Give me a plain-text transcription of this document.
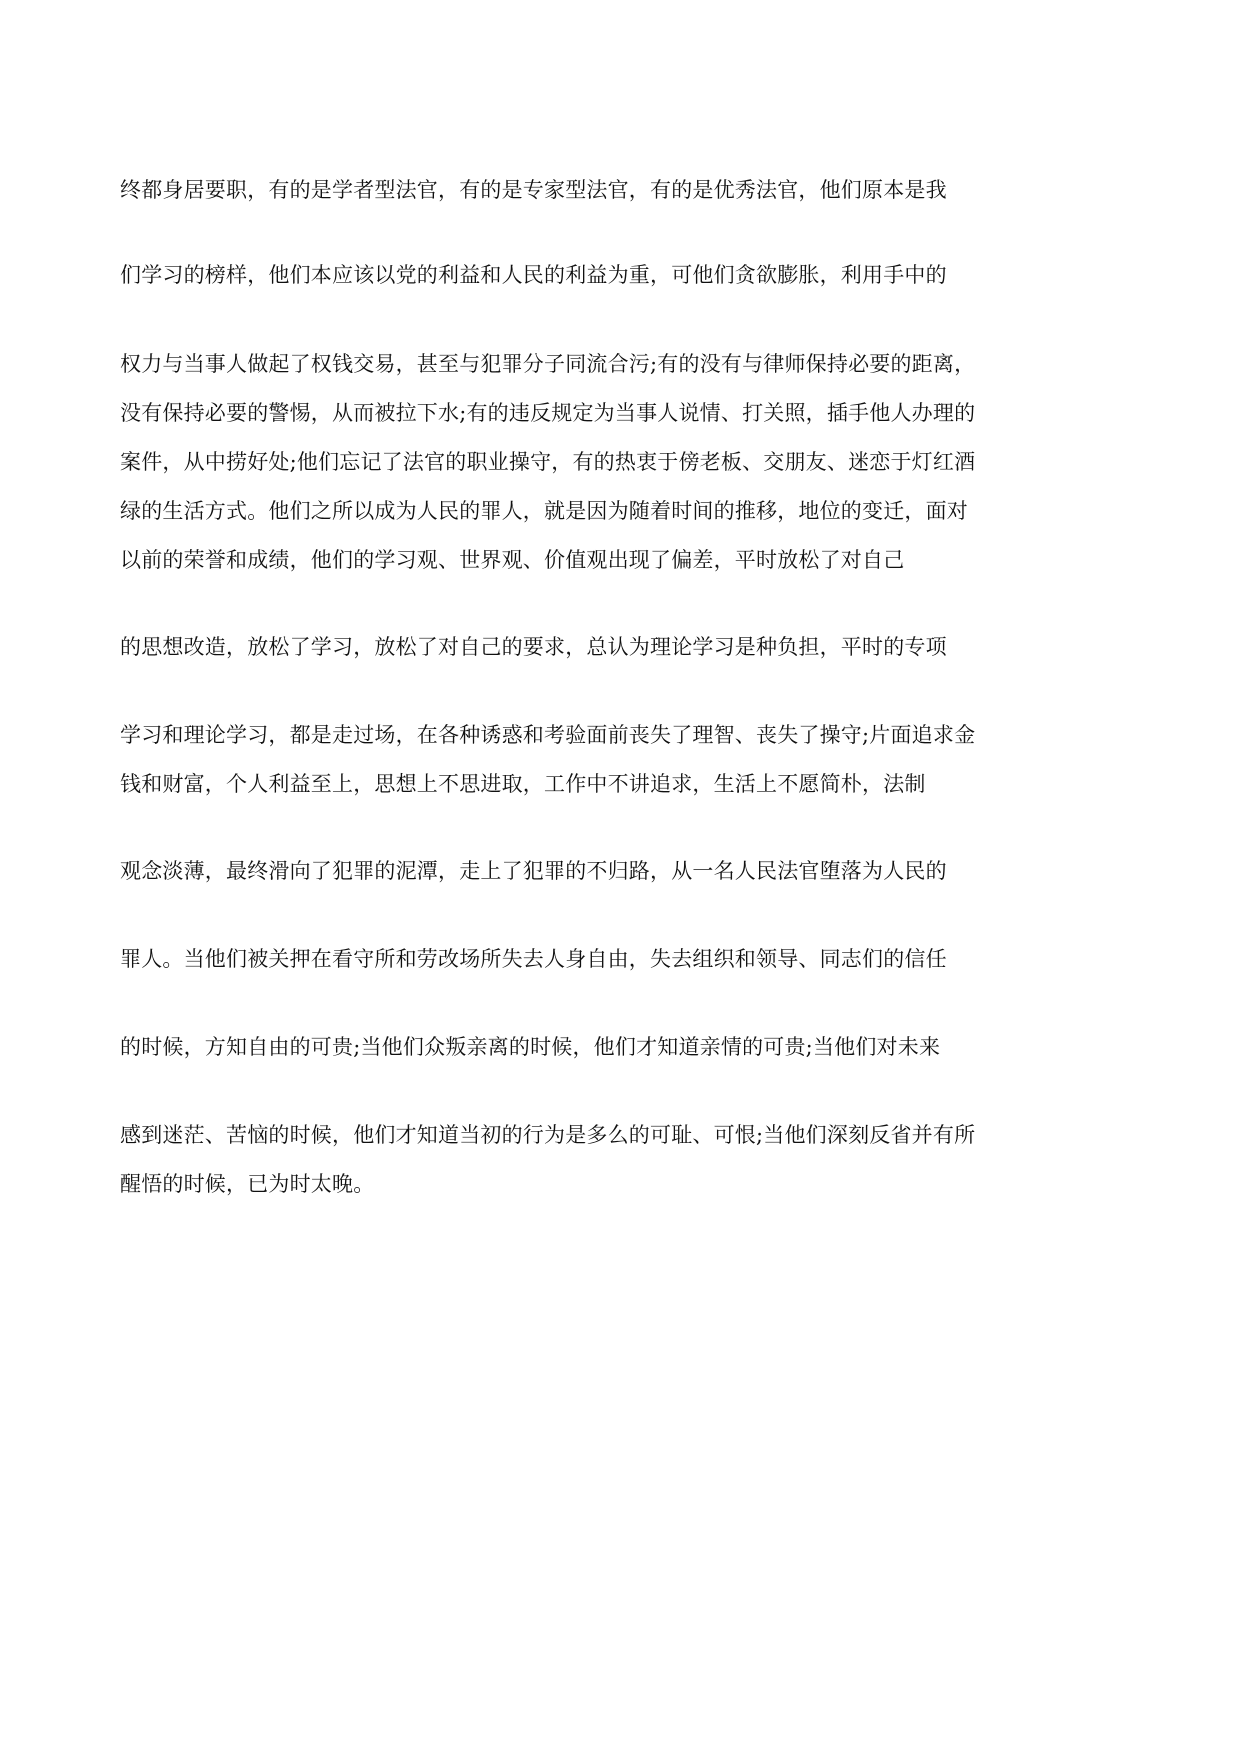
终都身居要职，有的是学者型法官，有的是专家型法官，有的是优秀法官，他们原本是我

们学习的榜样，他们本应该以党的利益和人民的利益为重，可他们贪欲膨胀，利用手中的

权力与当事人做起了权钱交易，甚至与犯罪分子同流合污;有的没有与律师保持必要的距离，

没有保持必要的警惕，从而被拉下水;有的违反规定为当事人说情、打关照，插手他人办理的

案件，从中捞好处;他们忘记了法官的职业操守，有的热衷于傍老板、交朋友、迷恋于灯红酒

绿的生活方式。他们之所以成为人民的罪人，就是因为随着时间的推移，地位的变迁，面对

以前的荣誉和成绩，他们的学习观、世界观、价值观出现了偏差，平时放松了对自己

的思想改造，放松了学习，放松了对自己的要求，总认为理论学习是种负担，平时的专项

学习和理论学习，都是走过场，在各种诱惑和考验面前丧失了理智、丧失了操守;片面追求金

钱和财富，个人利益至上，思想上不思进取，工作中不讲追求，生活上不愿简朴，法制

观念淡薄，最终滑向了犯罪的泥潭，走上了犯罪的不归路，从一名人民法官堕落为人民的

罪人。当他们被关押在看守所和劳改场所失去人身自由，失去组织和领导、同志们的信任

的时候，方知自由的可贵;当他们众叛亲离的时候，他们才知道亲情的可贵;当他们对未来

感到迷茫、苦恼的时候，他们才知道当初的行为是多么的可耻、可恨;当他们深刻反省并有所

醒悟的时候，已为时太晚。
